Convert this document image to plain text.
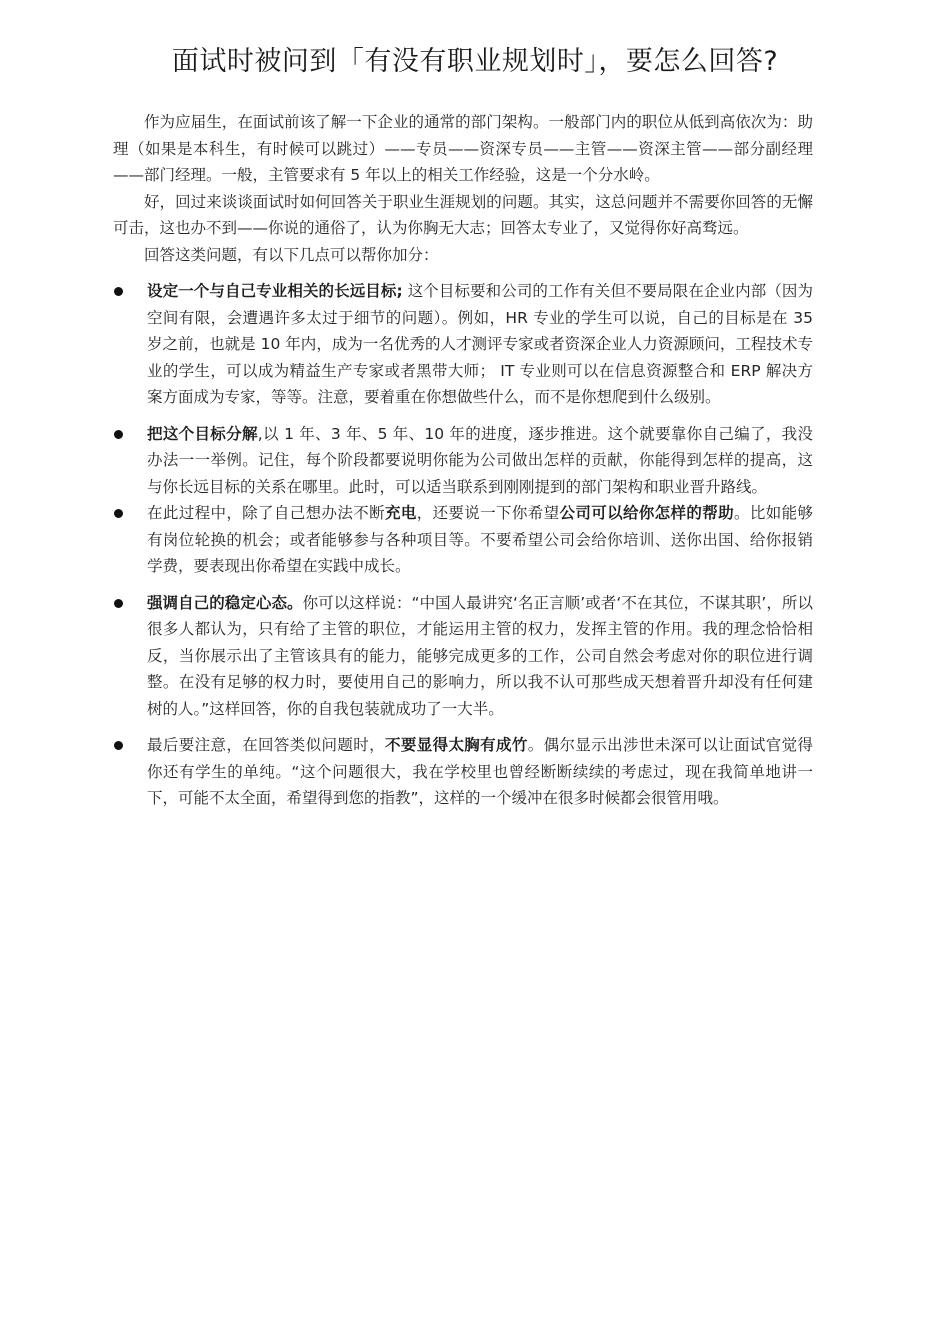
面试时被问到「有没有职业规划时」，要怎么回答?

作为应届生，在面试前该了解一下企业的通常的部门架构。一般部门内的职位从低到高依次为：助理（如果是本科生，有时候可以跳过）——专员——资深专员——主管——资深主管——部分副经理——部门经理。一般，主管要求有 5 年以上的相关工作经验，这是一个分水岭。

好，回过来谈谈面试时如何回答关于职业生涯规划的问题。其实，这总问题并不需要你回答的无懈可击，这也办不到——你说的通俗了，认为你胸无大志；回答太专业了，又觉得你好高骛远。

回答这类问题，有以下几点可以帮你加分：

设定一个与自己专业相关的长远目标; 这个目标要和公司的工作有关但不要局限在企业内部（因为空间有限，会遭遇许多太过于细节的问题）。例如，HR 专业的学生可以说，自己的目标是在 35 岁之前，也就是 10 年内，成为一名优秀的人才测评专家或者资深企业人力资源顾问，工程技术专业的学生，可以成为精益生产专家或者黑带大师； IT 专业则可以在信息资源整合和 ERP 解决方案方面成为专家，等等。注意，要着重在你想做些什么，而不是你想爬到什么级别。
把这个目标分解,以 1 年、3 年、5 年、10 年的进度，逐步推进。这个就要靠你自己编了，我没办法一一举例。记住，每个阶段都要说明你能为公司做出怎样的贡献，你能得到怎样的提高，这与你长远目标的关系在哪里。此时，可以适当联系到刚刚提到的部门架构和职业晋升路线。
在此过程中，除了自己想办法不断充电，还要说一下你希望公司可以给你怎样的帮助。比如能够有岗位轮换的机会；或者能够参与各种项目等。不要希望公司会给你培训、送你出国、给你报销学费，要表现出你希望在实践中成长。
强调自己的稳定心态。你可以这样说：“中国人最讲究‘名正言顺’或者‘不在其位，不谋其职’，所以很多人都认为，只有给了主管的职位，才能运用主管的权力，发挥主管的作用。我的理念恰恰相反，当你展示出了主管该具有的能力，能够完成更多的工作，公司自然会考虑对你的职位进行调整。在没有足够的权力时，要使用自己的影响力，所以我不认可那些成天想着晋升却没有任何建树的人。”这样回答，你的自我包装就成功了一大半。
最后要注意，在回答类似问题时，不要显得太胸有成竹。偶尔显示出涉世未深可以让面试官觉得你还有学生的单纯。“这个问题很大，我在学校里也曾经断断续续的考虑过，现在我简单地讲一下，可能不太全面，希望得到您的指教”，这样的一个缓冲在很多时候都会很管用哦。
